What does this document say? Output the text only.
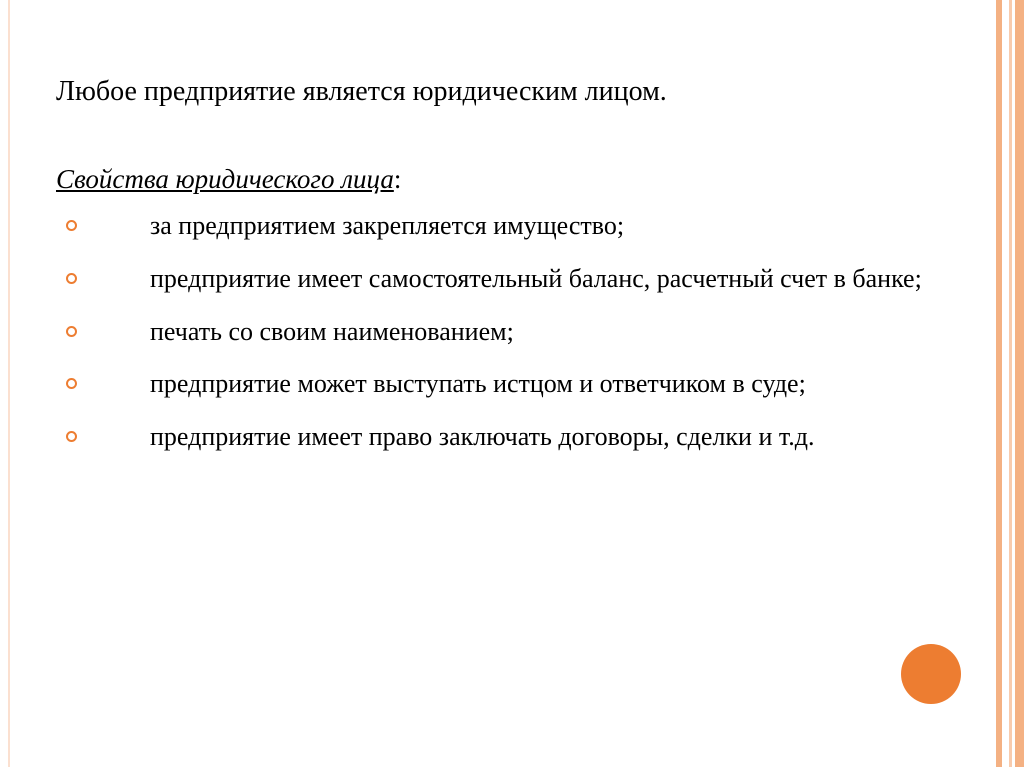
Любое предприятие является юридическим лицом.
Свойства юридического лица:
за предприятием закрепляется имущество;
предприятие имеет самостоятельный баланс, расчетный счет в банке;
печать со своим наименованием;
предприятие может выступать истцом и ответчиком в суде;
предприятие имеет право заключать договоры, сделки и т.д.
